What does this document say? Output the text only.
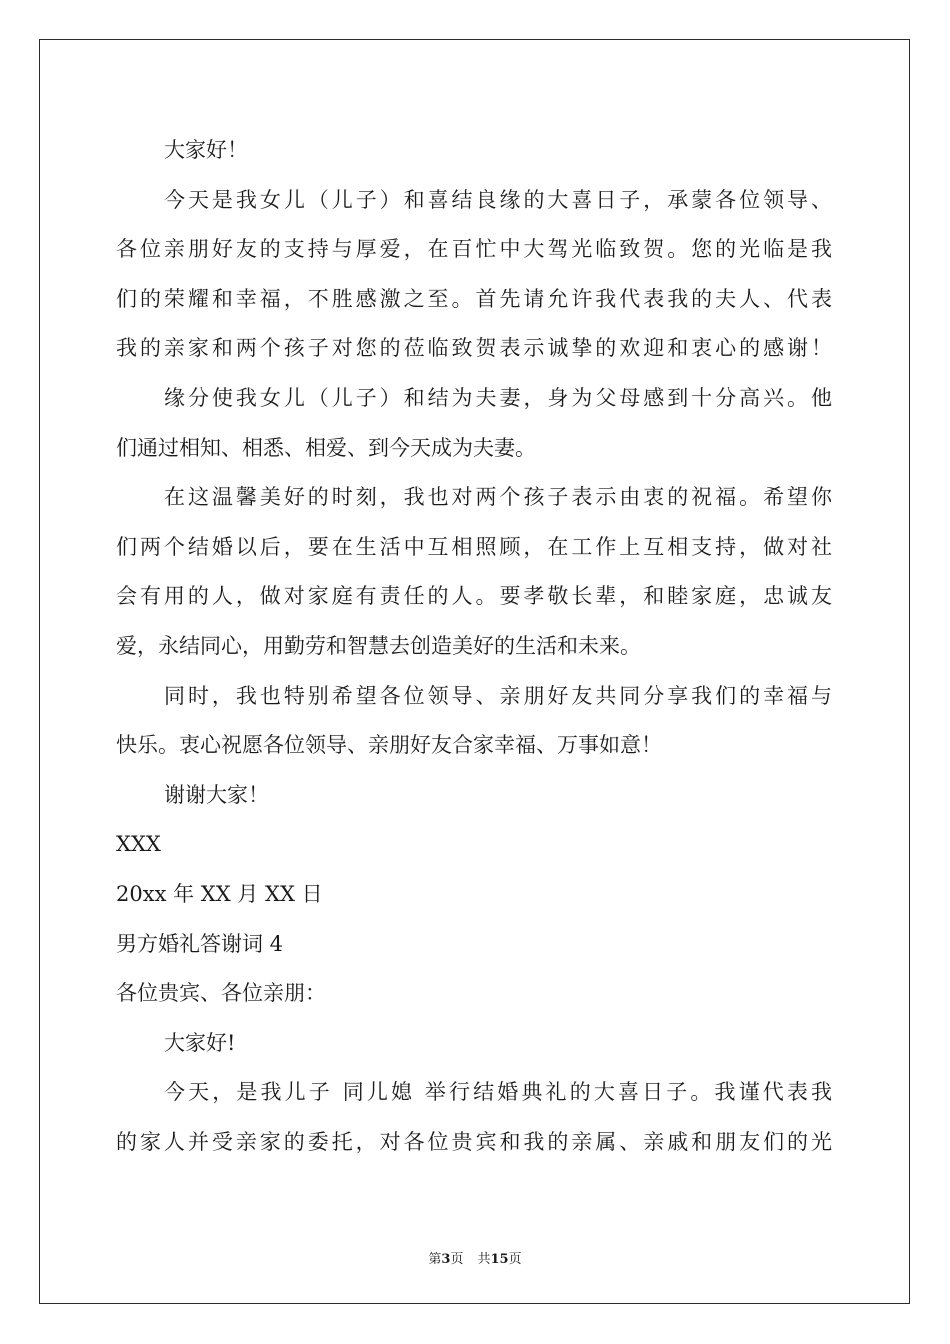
大家好！
今天是我女儿（儿子）和喜结良缘的大喜日子，承蒙各位领导、
各位亲朋好友的支持与厚爱，在百忙中大驾光临致贺。您的光临是我
们的荣耀和幸福，不胜感激之至。首先请允许我代表我的夫人、代表
我的亲家和两个孩子对您的莅临致贺表示诚挚的欢迎和衷心的感谢！
缘分使我女儿（儿子）和结为夫妻，身为父母感到十分高兴。他
们通过相知、相悉、相爱、到今天成为夫妻。
在这温馨美好的时刻，我也对两个孩子表示由衷的祝福。希望你
们两个结婚以后，要在生活中互相照顾，在工作上互相支持，做对社
会有用的人，做对家庭有责任的人。要孝敬长辈，和睦家庭，忠诚友
爱，永结同心，用勤劳和智慧去创造美好的生活和未来。
同时，我也特别希望各位领导、亲朋好友共同分享我们的幸福与
快乐。衷心祝愿各位领导、亲朋好友合家幸福、万事如意！
谢谢大家！
XXX
20xx 年 XX 月 XX 日
男方婚礼答谢词 4
各位贵宾、各位亲朋：
大家好!
今天，是我儿子 同儿媳 举行结婚典礼的大喜日子。我谨代表我
的家人并受亲家的委托，对各位贵宾和我的亲属、亲戚和朋友们的光
第3页 共15页
